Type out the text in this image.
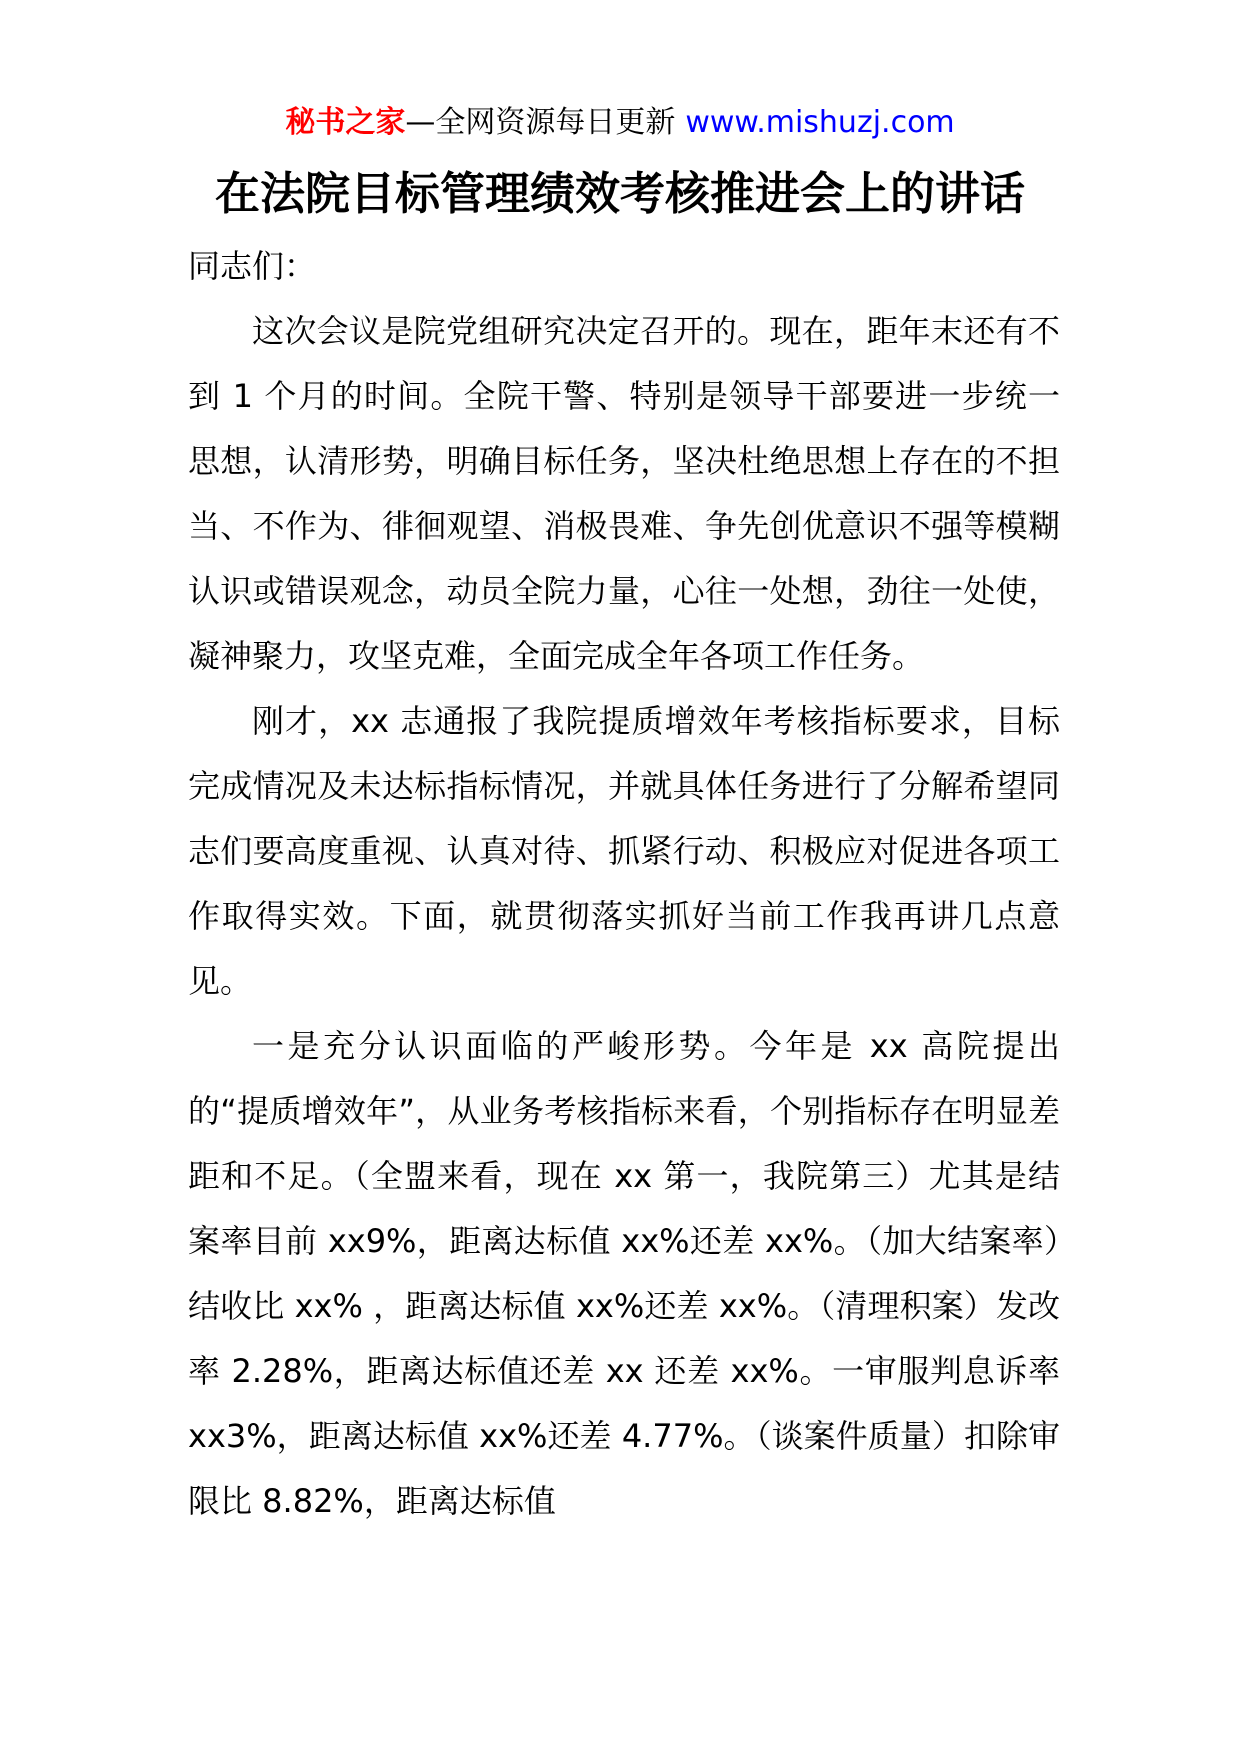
秘书之家—全网资源每日更新 www.mishuzj.com
在法院目标管理绩效考核推进会上的讲话

同志们：

这次会议是院党组研究决定召开的。现在，距年末还有不到 1 个月的时间。全院干警、特别是领导干部要进一步统一思想，认清形势，明确目标任务，坚决杜绝思想上存在的不担当、不作为、徘徊观望、消极畏难、争先创优意识不强等模糊认识或错误观念，动员全院力量，心往一处想，劲往一处使，凝神聚力，攻坚克难，全面完成全年各项工作任务。

刚才，xx 志通报了我院提质增效年考核指标要求，目标完成情况及未达标指标情况，并就具体任务进行了分解希望同志们要高度重视、认真对待、抓紧行动、积极应对促进各项工作取得实效。下面，就贯彻落实抓好当前工作我再讲几点意见。

一是充分认识面临的严峻形势。今年是 xx 高院提出的“提质增效年”，从业务考核指标来看，个别指标存在明显差距和不足。（全盟来看，现在 xx 第一，我院第三）尤其是结案率目前 xx9%，距离达标值 xx%还差 xx%。（加大结案率）结收比 xx% ，距离达标值 xx%还差 xx%。（清理积案）发改率 2.28%，距离达标值还差 xx 还差 xx%。一审服判息诉率 xx3%，距离达标值 xx%还差 4.77%。（谈案件质量）扣除审限比 8.82%，距离达标值
